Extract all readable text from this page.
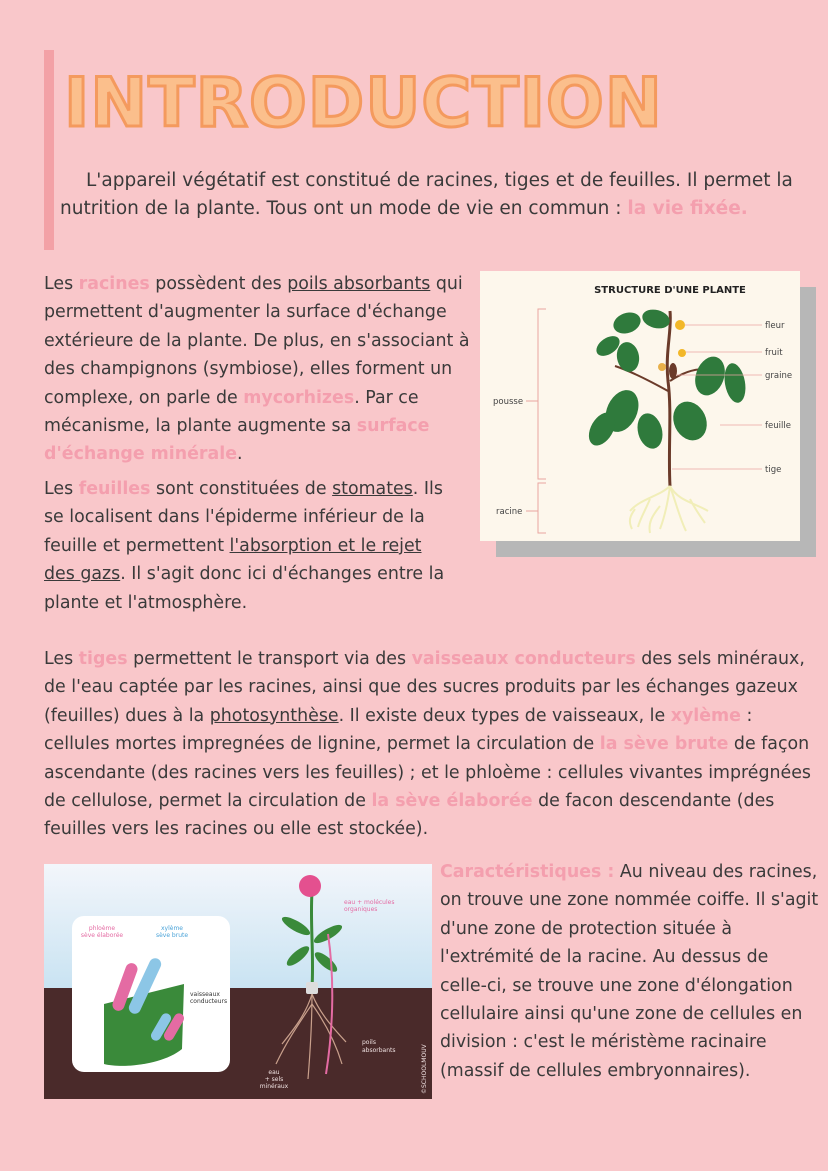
INTRODUCTION

L'appareil végétatif est constitué de racines, tiges et de feuilles. Il permet la nutrition de la plante. Tous ont un mode de vie en commun : la vie fixée.

Les racines possèdent des poils absorbants qui permettent d'augmenter la surface d'échange extérieure de la plante. De plus, en s'associant à des champignons (symbiose), elles forment un complexe, on parle de mycorhizes. Par ce mécanisme, la plante augmente sa surface d'échange minérale.

Les feuilles sont constituées de stomates. Ils se localisent dans l'épiderme inférieur de la feuille et permettent l'absorption et le rejet des gazs. Il s'agit donc ici d'échanges entre la plante et l'atmosphère.

STRUCTURE D'UNE PLANTE
pousse
racine
fleur
fruit
graine
feuille
tige

Les tiges permettent le transport via des vaisseaux conducteurs des sels minéraux, de l'eau captée par les racines, ainsi que des sucres produits par les échanges gazeux (feuilles) dues à la photosynthèse. Il existe deux types de vaisseaux, le xylème : cellules mortes impregnées de lignine, permet la circulation de la sève brute de façon ascendante (des racines vers les feuilles) ; et le phloème : cellules vivantes imprégnées de cellulose, permet la circulation de la sève élaborée de facon descendante (des feuilles vers les racines ou elle est stockée).

phloème
sève élaborée
xylème
sève brute
vaisseaux
conducteurs
eau + molécules
organiques
poils
absorbants
eau
+ sels
minéraux	©SCHOOLMOUV

Caractéristiques : Au niveau des racines, on trouve une zone nommée coiffe. Il s'agit d'une zone de protection située à l'extrémité de la racine. Au dessus de celle-ci, se trouve une zone d'élongation cellulaire ainsi qu'une zone de cellules en division : c'est le méristème racinaire (massif de cellules embryonnaires).
